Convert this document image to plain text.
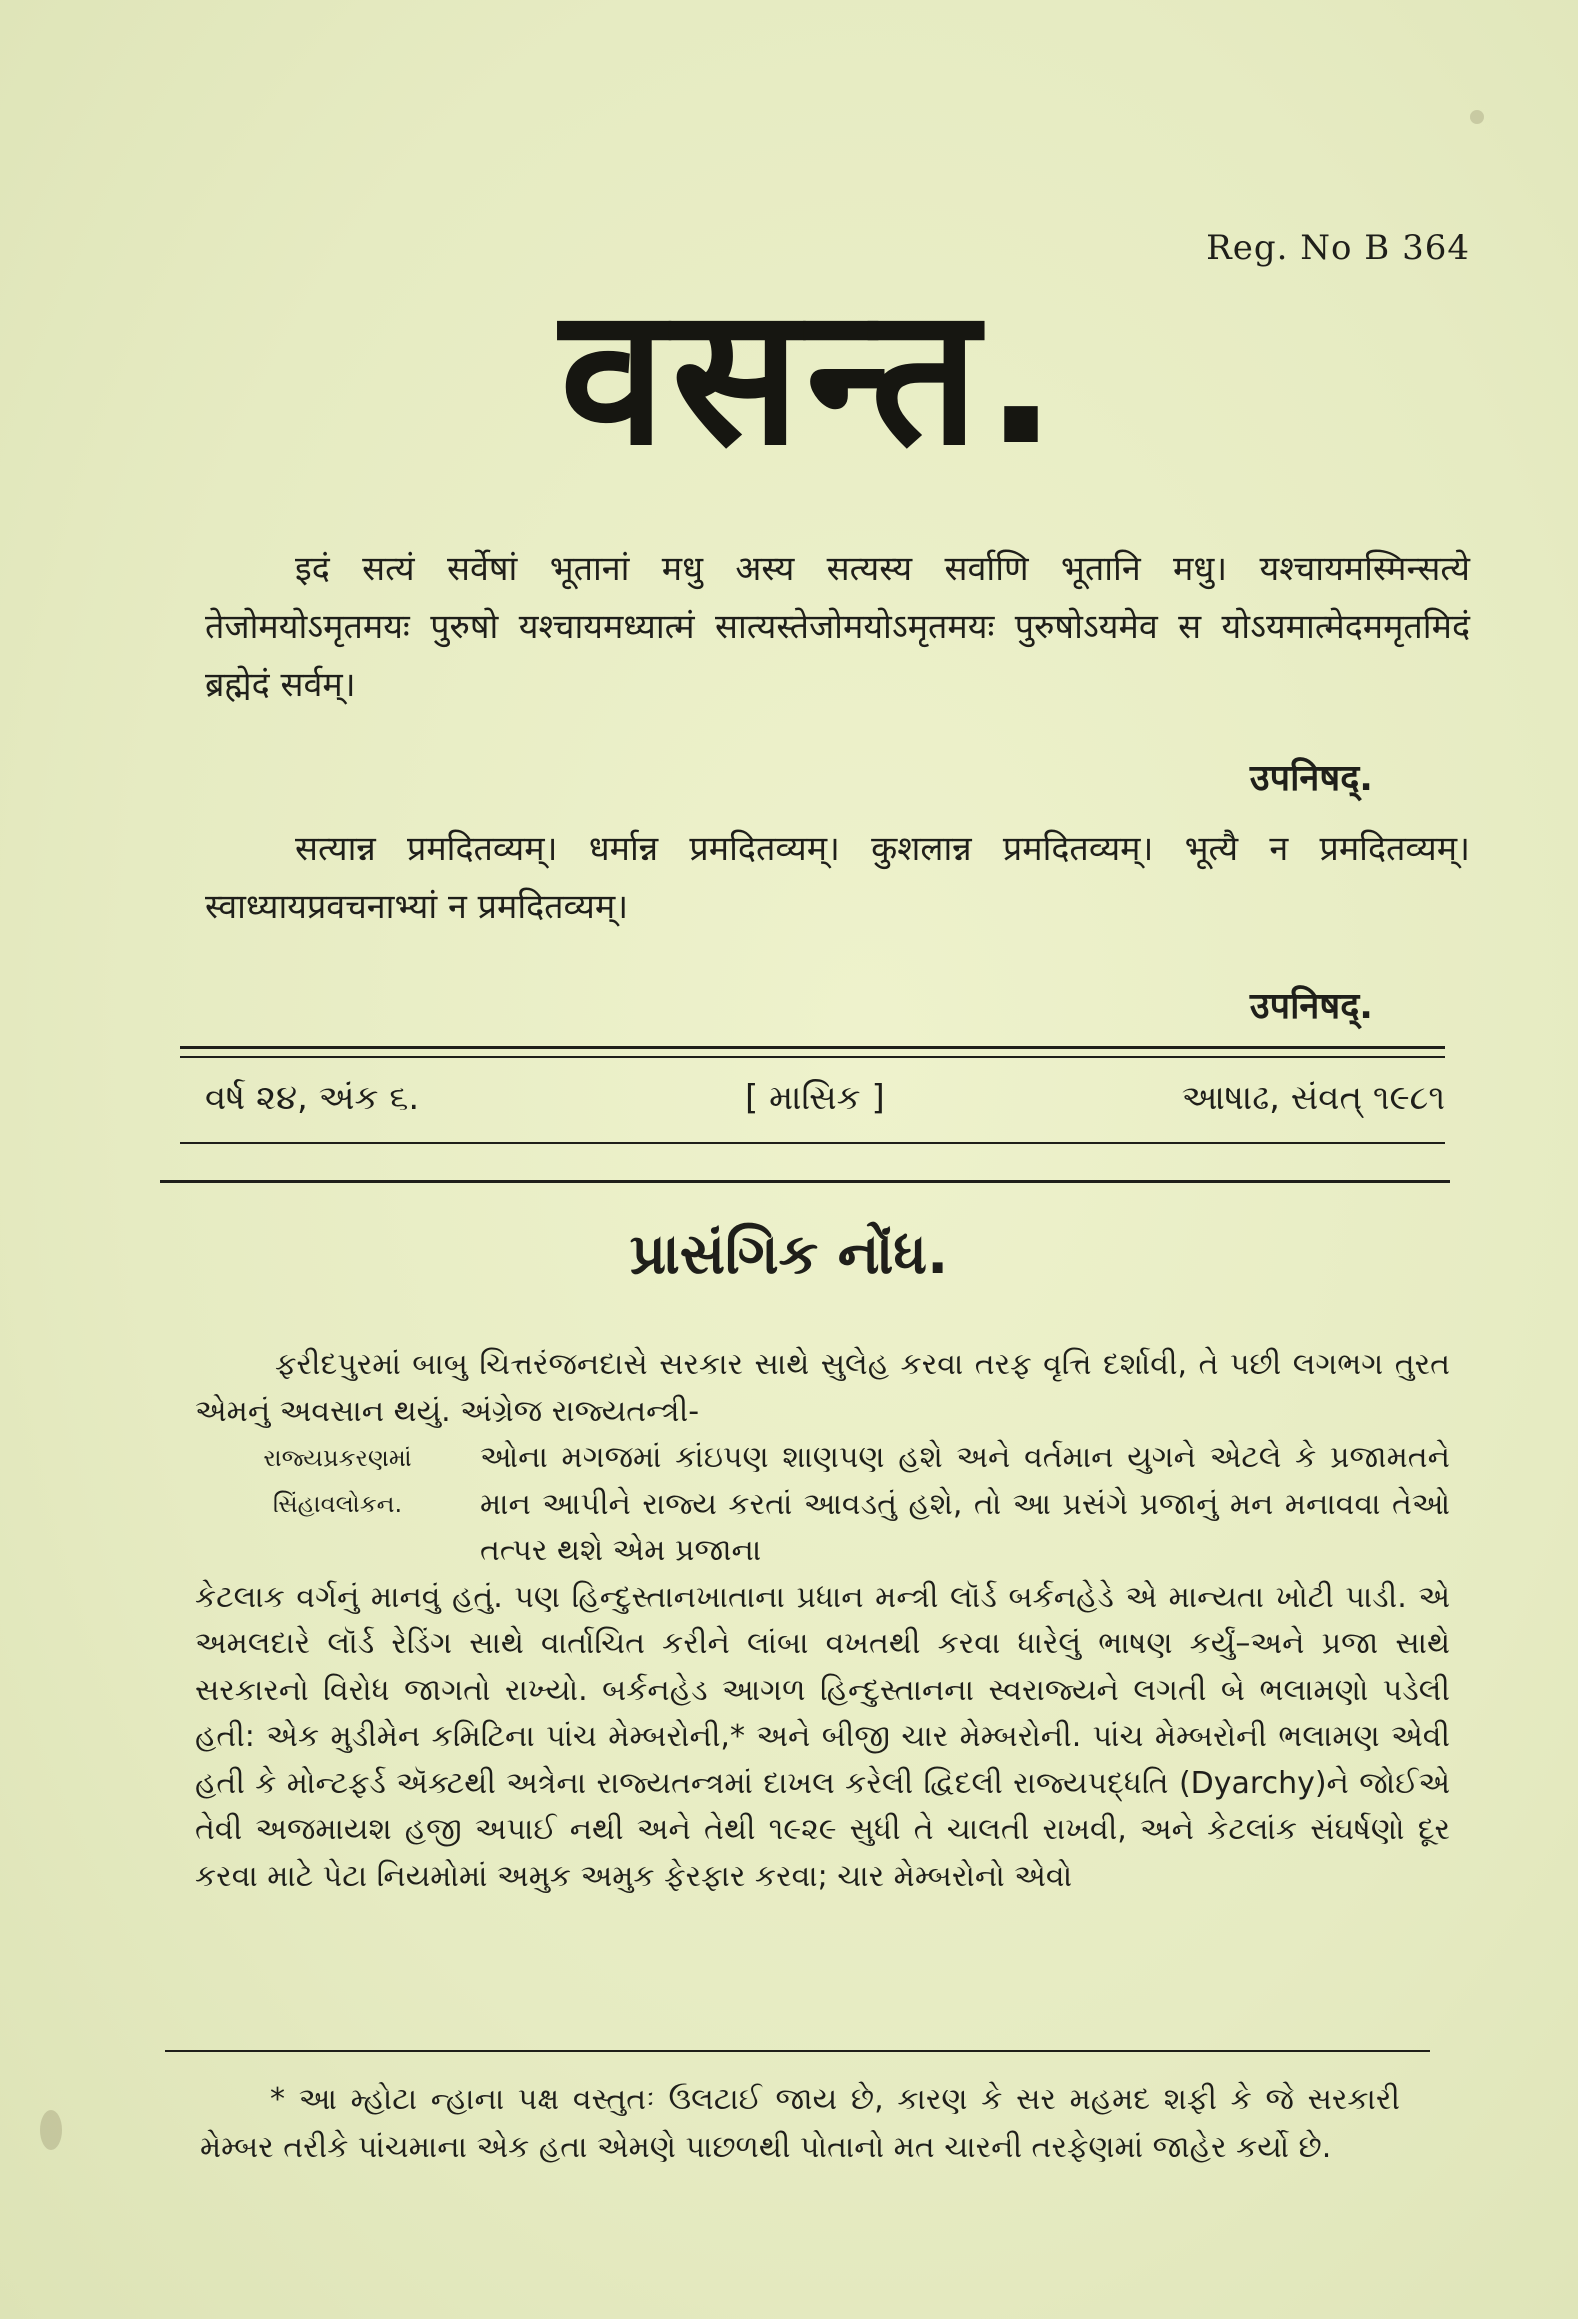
Reg. No B 364
वसन्त.

इदं सत्यं सर्वेषां भूतानां मधु अस्य सत्यस्य सर्वाणि भूतानि मधु। यश्चायमस्मिन्सत्ये तेजोमयोऽमृतमयः पुरुषो यश्चायमध्यात्मं सात्यस्तेजोमयोऽमृतमयः पुरुषोऽयमेव स योऽयमात्मेदममृतमिदं ब्रह्मेदं सर्वम्।

उपनिषद्.

सत्यान्न प्रमदितव्यम्। धर्मान्न प्रमदितव्यम्। कुशलान्न प्रमदितव्यम्। भूत्यै न प्रमदितव्यम्। स्वाध्यायप्रवचनाभ्यां न प्रमदितव्यम्।

उपनिषद्.
વર્ષ ૨૪, અંક ૬.	[ માસિક ]	આષાઢ, સંવત્ ૧૯૮૧
પ્રાસંગિક નોંધ.

ફરીદપુરમાં બાબુ ચિત્તરંજનદાસે સરકાર સાથે સુલેહ કરવા તરફ વૃત્તિ દર્શાવી, તે પછી લગભગ તુરત એમનું અવસાન થયું. અંગ્રેજ રાજ્યતન્ત્રી-

રાજ્યપ્રકરણમાં સિંહાવલોકન.

ઓના મગજમાં કાંઇપણ શાણપણ હશે અને વર્તમાન યુગને એટલે કે પ્રજામતને માન આપીને રાજ્ય કરતાં આવડતું હશે, તો આ પ્રસંગે પ્રજાનું મન મનાવવા તેઓ તત્પર થશે એમ પ્રજાના

કેટલાક વર્ગનું માનવું હતું. પણ હિન્દુસ્તાનખાતાના પ્રધાન મન્ત્રી લૉર્ડ બર્કનહેડે એ માન્યતા ખોટી પાડી. એ અમલદારે લૉર્ડ રેડિંગ સાથે વાર્તાચિત કરીને લાંબા વખતથી કરવા ધારેલું ભાષણ કર્યું–અને પ્રજા સાથે સરકારનો વિરોધ જાગતો રાખ્યો. બર્કનહેડ આગળ હિન્દુસ્તાનના સ્વરાજ્યને લગતી બે ભલામણો પડેલી હતી: એક મુડીમેન કમિટિના પાંચ મેમ્બરોની,* અને બીજી ચાર મેમ્બરોની. પાંચ મેમ્બરોની ભલામણ એવી હતી કે મોન્ટફર્ડ ઍક્ટથી અત્રેના રાજ્યતન્ત્રમાં દાખલ કરેલી દ્વિદલી રાજ્યપદ્ધતિ (Dyarchy)ને જોઈએ તેવી અજમાયશ હજી અપાઈ નથી અને તેથી ૧૯૨૯ સુધી તે ચાલતી રાખવી, અને કેટલાંક સંઘર્ષણો દૂર કરવા માટે પેટા નિયમોમાં અમુક અમુક ફેરફાર કરવા; ચાર મેમ્બરોનો એવો

* આ મ્હોટા ન્હાના પક્ષ વસ્તુતઃ ઉલટાઈ જાય છે, કારણ કે સર મહમદ શફી કે જે સરકારી મેમ્બર તરીકે પાંચમાના એક હતા એમણે પાછળથી પોતાનો મત ચારની તરફેણમાં જાહેર કર્યો છે.
